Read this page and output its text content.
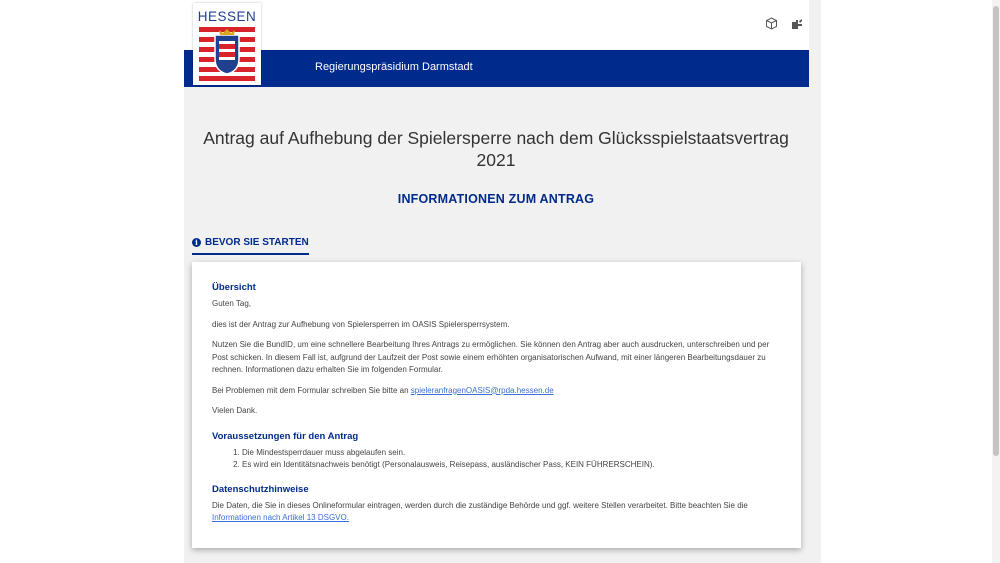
Regierungspräsidium Darmstadt
HESSEN
Antrag auf Aufhebung der Spielersperre nach dem Glücksspielstaatsvertrag 2021
INFORMATIONEN ZUM ANTRAG
i BEVOR SIE STARTEN
Übersicht

Guten Tag,

dies ist der Antrag zur Aufhebung von Spielersperren im OASIS Spielersperrsystem.

Nutzen Sie die BundID, um eine schnellere Bearbeitung Ihres Antrags zu ermöglichen. Sie können den Antrag aber auch ausdrucken, unterschreiben und per Post schicken. In diesem Fall ist, aufgrund der Laufzeit der Post sowie einem erhöhten organisatorischen Aufwand, mit einer längeren Bearbeitungsdauer zu rechnen. Informationen dazu erhalten Sie im folgenden Formular.

Bei Problemen mit dem Formular schreiben Sie bitte an spieleranfragenOASIS@rpda.hessen.de

Vielen Dank.

Voraussetzungen für den Antrag
1. Die Mindestsperrdauer muss abgelaufen sein.
2. Es wird ein Identitätsnachweis benötigt (Personalausweis, Reisepass, ausländischer Pass, KEIN FÜHRERSCHEIN).
Datenschutzhinweise

Die Daten, die Sie in dieses Onlineformular eintragen, werden durch die zuständige Behörde und ggf. weitere Stellen verarbeitet. Bitte beachten Sie die Informationen nach Artikel 13 DSGVO.
